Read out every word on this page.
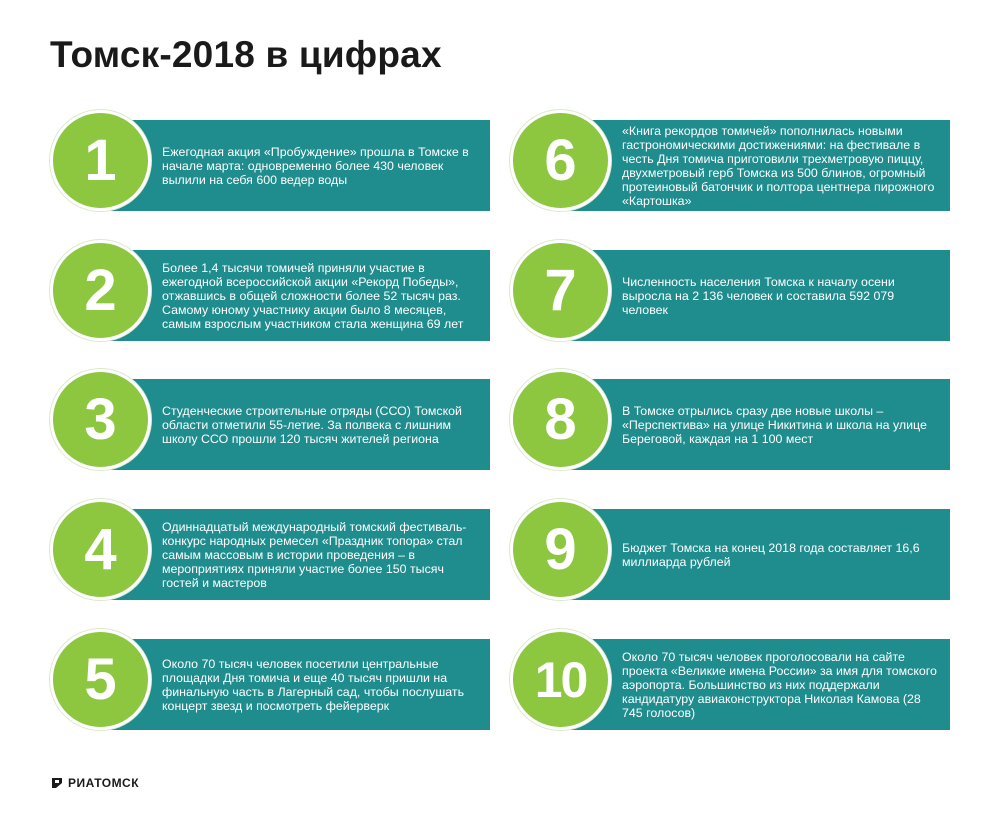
Томск-2018 в цифрах
Ежегодная акция «Пробуждение» прошла в Томске в начале марта: одновременно более 430 человек вылили на себя 600 ведер воды
1
Более 1,4 тысячи томичей приняли участие в ежегодной всероссийской акции «Рекорд Победы», отжавшись в общей сложности более 52 тысяч раз. Самому юному участнику акции было 8 месяцев, самым взрослым участником стала женщина 69 лет
2
Студенческие строительные отряды (ССО) Томской области отметили 55-летие. За полвека с лишним школу ССО прошли 120 тысяч жителей региона
3
Одиннадцатый международный томский фестиваль-конкурс народных ремесел «Праздник топора» стал самым массовым в истории проведения – в мероприятиях приняли участие более 150 тысяч гостей и мастеров
4
Около 70 тысяч человек посетили центральные площадки Дня томича и еще 40 тысяч пришли на финальную часть в Лагерный сад, чтобы послушать концерт звезд и посмотреть фейерверк
5
«Книга рекордов томичей» пополнилась новыми гастрономическими достижениями: на фестивале в честь Дня томича приготовили трехметровую пиццу, двухметровый герб Томска из 500 блинов, огромный протеиновый батончик и полтора центнера пирожного «Картошка»
6
Численность населения Томска к началу осени выросла на 2 136 человек и составила 592 079 человек
7
В Томске отрылись сразу две новые школы – «Перспектива» на улице Никитина и школа на улице Береговой, каждая на 1 100 мест
8
Бюджет Томска на конец 2018 года составляет 16,6 миллиарда рублей
9
Около 70 тысяч человек проголосовали на сайте проекта «Великие имена России» за имя для томского аэропорта. Большинство из них поддержали кандидатуру авиаконструктора Николая Камова (28 745 голосов)
10
РИАТОМСК
